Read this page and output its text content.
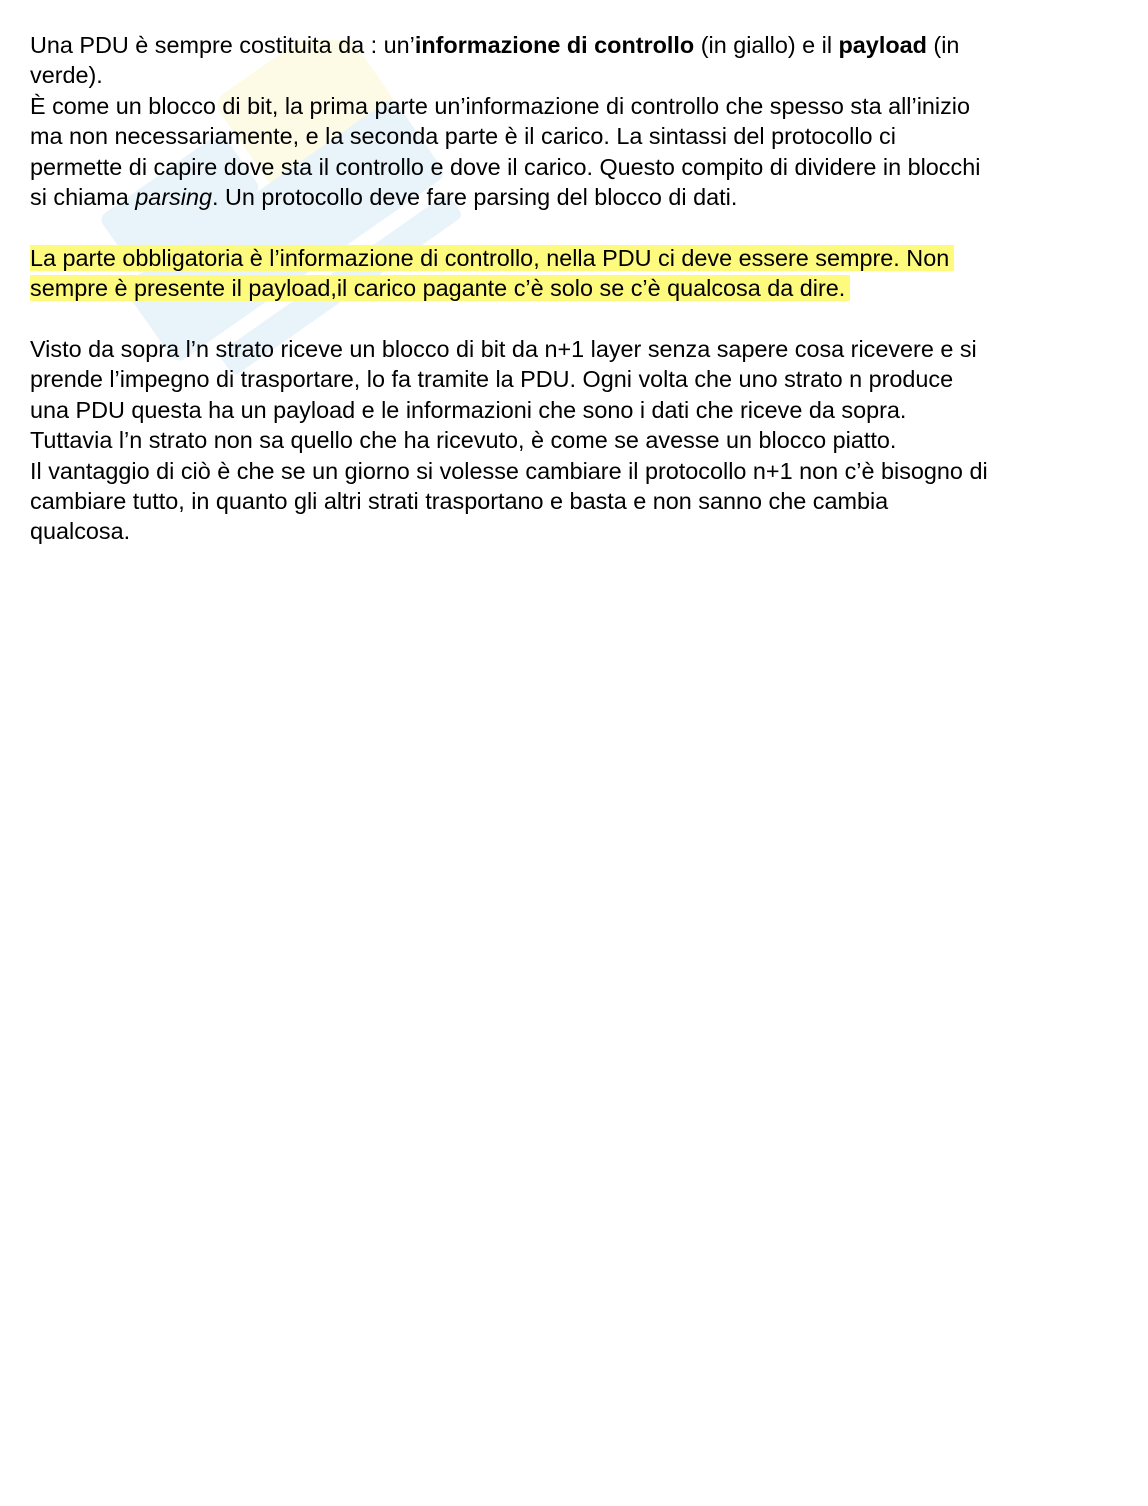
Una PDU è sempre costituita da : un’informazione di controllo (in giallo) e il payload (in
verde).
È come un blocco di bit, la prima parte un’informazione di controllo che spesso sta all’inizio
ma non necessariamente, e la seconda parte è il carico. La sintassi del protocollo ci
permette di capire dove sta il controllo e dove il carico. Questo compito di dividere in blocchi
si chiama parsing. Un protocollo deve fare parsing del blocco di dati.

La parte obbligatoria è l’informazione di controllo, nella PDU ci deve essere sempre. Non
sempre è presente il payload,il carico pagante c’è solo se c’è qualcosa da dire.

Visto da sopra l’n strato riceve un blocco di bit da n+1 layer senza sapere cosa ricevere e si
prende l’impegno di trasportare, lo fa tramite la PDU. Ogni volta che uno strato n produce
una PDU questa ha un payload e le informazioni che sono i dati che riceve da sopra.
Tuttavia l’n strato non sa quello che ha ricevuto, è come se avesse un blocco piatto.
Il vantaggio di ciò è che se un giorno si volesse cambiare il protocollo n+1 non c’è bisogno di
cambiare tutto, in quanto gli altri strati trasportano e basta e non sanno che cambia
qualcosa.
